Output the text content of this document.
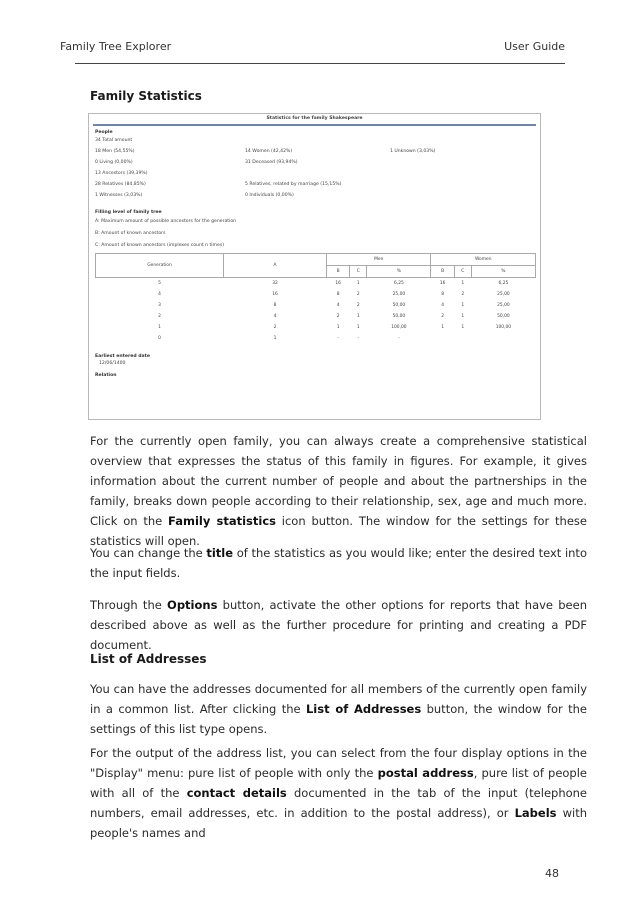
Family Tree Explorer	User Guide
Family Statistics
Statistics for the family Shakespeare
People
34 Total amount
18 Men (54,55%)	14 Women (42,42%)	1 Unknown (3,03%)
0 Living (0,00%)	31 Deceased (93,94%)
13 Ancestors (39,39%)
28 Relatives (84,85%)	5 Relatives, related by marriage (15,15%)
1 Witnesses (3,03%)	0 Individuals (0,00%)
Filling level of family tree
A: Maximum amount of possible ancestors for the generation
B: Amount of known ancestors
C: Amount of known ancestors (implexes count n times)
Generation	A	Men			Women		
		B	C	%	B	C	%
5	32	16	1	6,25	16	1	6,25
4	16	8	2	25,00	8	2	25,00
3	8	4	2	50,00	4	1	25,00
2	4	2	1	50,00	2	1	50,00
1	2	1	1	100,00	1	1	100,00
0	1	-	-	-			
Earliest entered date
12/06/1400
Relation

For the currently open family, you can always create a comprehensive statistical overview that expresses the status of this family in figures. For example, it gives information about the current number of people and about the partnerships in the family, breaks down people according to their relationship, sex, age and much more. Click on the Family statistics icon button. The window for the settings for these statistics will open.

You can change the title of the statistics as you would like; enter the desired text into the input fields.

Through the Options button, activate the other options for reports that have been described above as well as the further procedure for printing and creating a PDF document.

List of Addresses

You can have the addresses documented for all members of the currently open family in a common list. After clicking the List of Addresses button, the window for the settings of this list type opens.

For the output of the address list, you can select from the four display options in the "Display" menu: pure list of people with only the postal address, pure list of people with all of the contact details documented in the tab of the input (telephone numbers, email addresses, etc. in addition to the postal address), or Labels with people's names and

48
